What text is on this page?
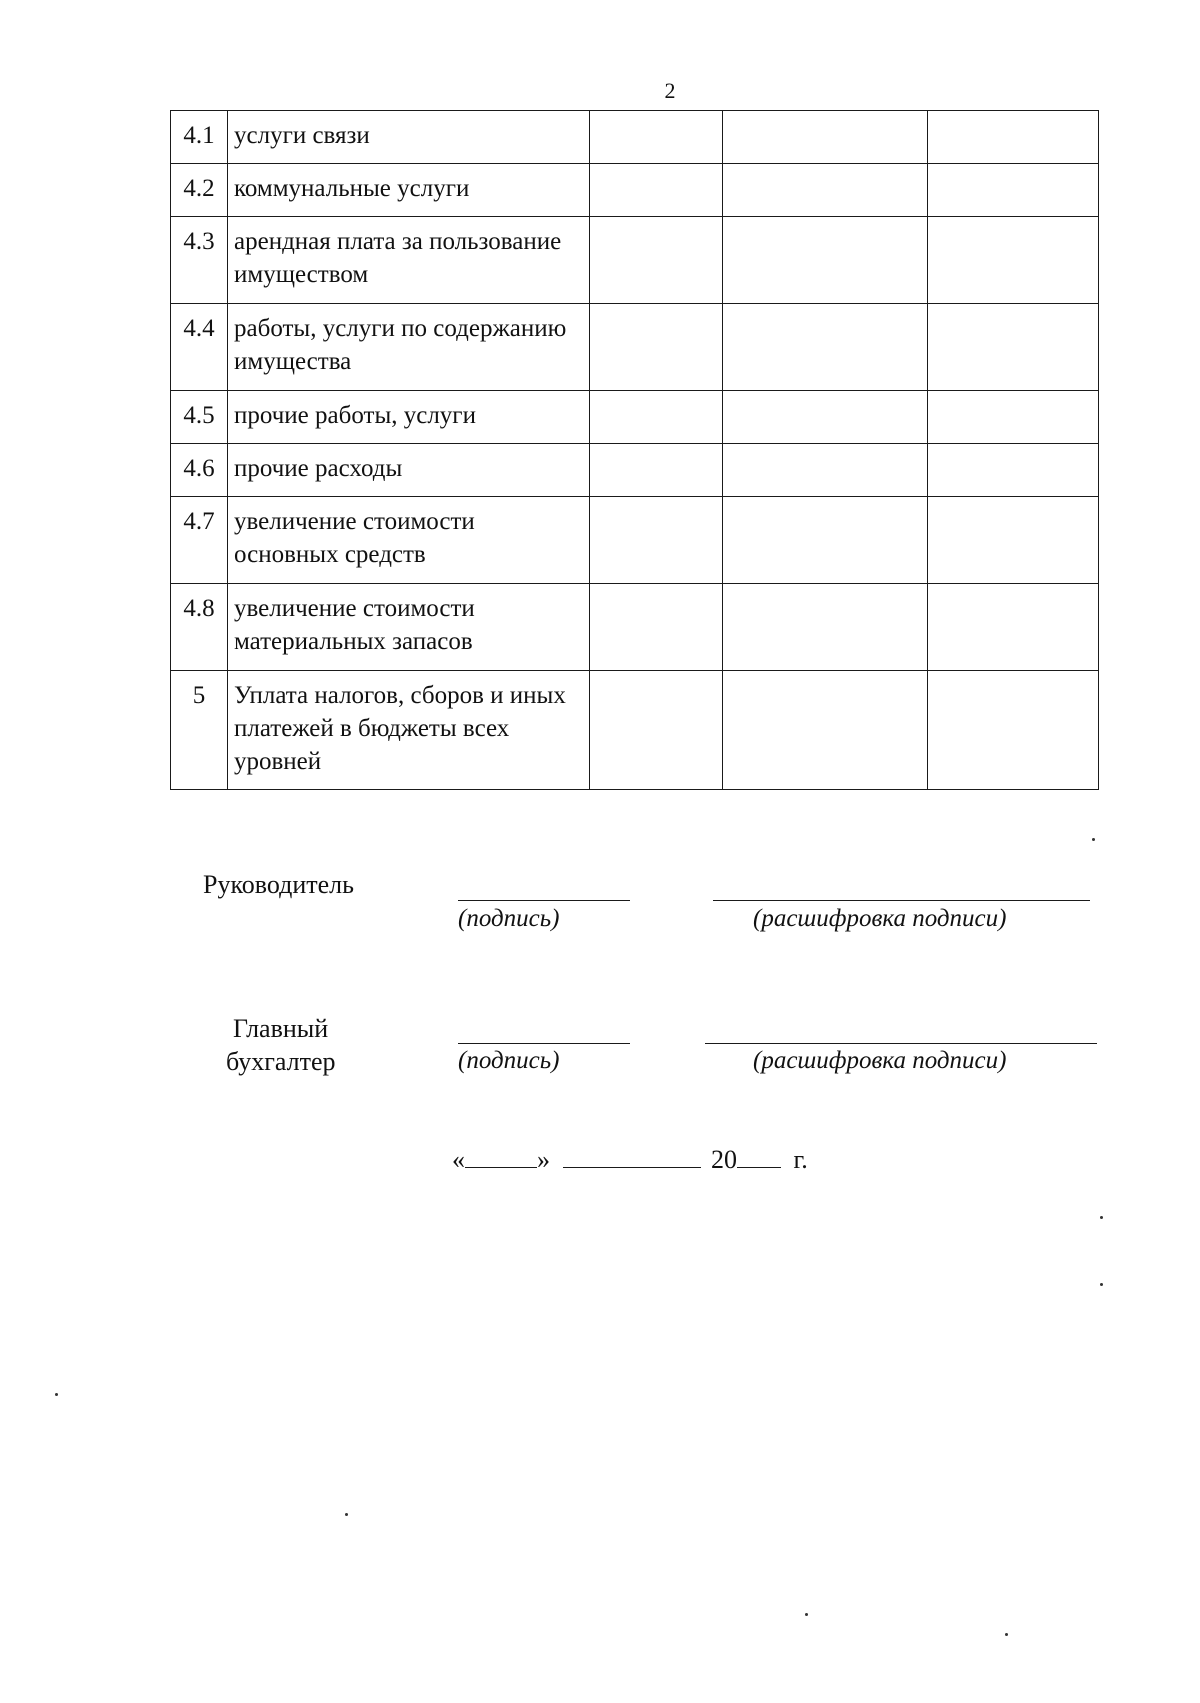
2
4.1	услуги связи			
4.2	коммунальные услуги			
4.3	арендная плата за пользование имуществом			
4.4	работы, услуги по содержанию имущества			
4.5	прочие работы, услуги			
4.6	прочие расходы			
4.7	увеличение стоимости основных средств			
4.8	увеличение стоимости материальных запасов			
5	Уплата налогов, сборов и иных платежей в бюджеты всех уровней			
Руководитель
(подпись)	(расшифровка подписи)
Главный
бухгалтер	(подпись)	(расшифровка подписи)
«	»	20 г.
